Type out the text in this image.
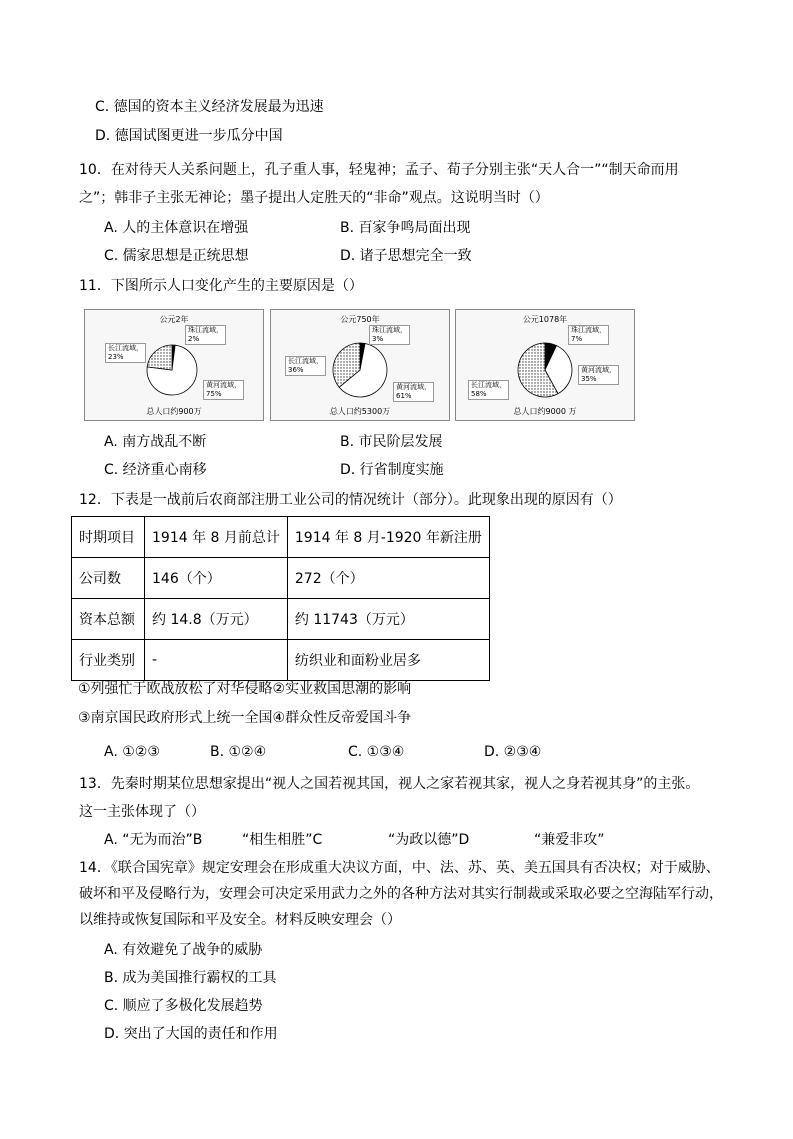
C. 德国的资本主义经济发展最为迅速
D. 德国试图更进一步瓜分中国
10．在对待天人关系问题上，孔子重人事，轻鬼神；孟子、荀子分别主张“天人合一”“制天命而用
之”；韩非子主张无神论；墨子提出人定胜天的“非命”观点。这说明当时（）
A. 人的主体意识在增强	B. 百家争鸣局面出现
C. 儒家思想是正统思想	D. 诸子思想完全一致
11．下图所示人口变化产生的主要原因是（）
公元2年
珠江流域，
2%
长江流域，
23%
黄河流域，
75%
总人口约900万
公元750年
珠江流域，
3%
长江流域，
36%
黄河流域，
61%
总人口约5300万
公元1078年
珠江流域，
7%
长江流域，
58%
黄河流域，
35%
总人口约9000 万
A. 南方战乱不断	B. 市民阶层发展
C. 经济重心南移	D. 行省制度实施
12．下表是一战前后农商部注册工业公司的情况统计（部分）。此现象出现的原因有（）
时期项目	1914 年 8 月前总计	1914 年 8 月-1920 年新注册
公司数	146（个）	272（个）
资本总额	约 14.8（万元）	约 11743（万元）
行业类别	-	纺织业和面粉业居多
①列强忙于欧战放松了对华侵略②实业救国思潮的影响
③南京国民政府形式上统一全国④群众性反帝爱国斗争
A. ①②③	B. ①②④	C. ①③④	D. ②③④
13．先秦时期某位思想家提出“视人之国若视其国，视人之家若视其家，视人之身若视其身”的主张。
这一主张体现了（）
A. “无为而治”B	“相生相胜”C	“为政以德”D	“兼爱非攻”
14．《联合国宪章》规定安理会在形成重大决议方面，中、法、苏、英、美五国具有否决权；对于威胁、
破坏和平及侵略行为，安理会可决定采用武力之外的各种方法对其实行制裁或采取必要之空海陆军行动，
以维持或恢复国际和平及安全。材料反映安理会（）
A. 有效避免了战争的威胁
B. 成为美国推行霸权的工具
C. 顺应了多极化发展趋势
D. 突出了大国的责任和作用
